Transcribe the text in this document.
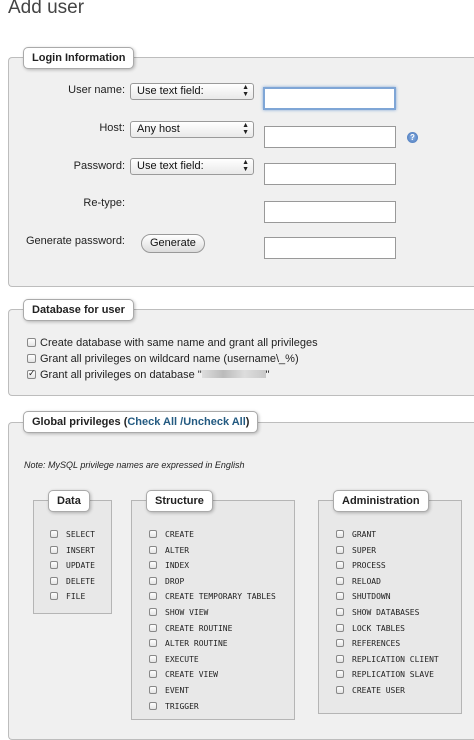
Add user
Login Information
User name:	Use text field:	▲
▼
Host:	Any host	▲
▼
?
Password:	Use text field:	▲
▼
Re-type:
Generate password:	Generate
Database for user
Create database with same name and grant all privileges
Grant all privileges on wildcard name (username\_%)
✓Grant all privileges on database "	"
Global privileges (Check All /Uncheck All)
Note: MySQL privilege names are expressed in English
Data
SELECT
INSERT
UPDATE
DELETE
FILE
Structure
CREATE
ALTER
INDEX
DROP
CREATE TEMPORARY TABLES
SHOW VIEW
CREATE ROUTINE
ALTER ROUTINE
EXECUTE
CREATE VIEW
EVENT
TRIGGER
Administration
GRANT
SUPER
PROCESS
RELOAD
SHUTDOWN
SHOW DATABASES
LOCK TABLES
REFERENCES
REPLICATION CLIENT
REPLICATION SLAVE
CREATE USER
